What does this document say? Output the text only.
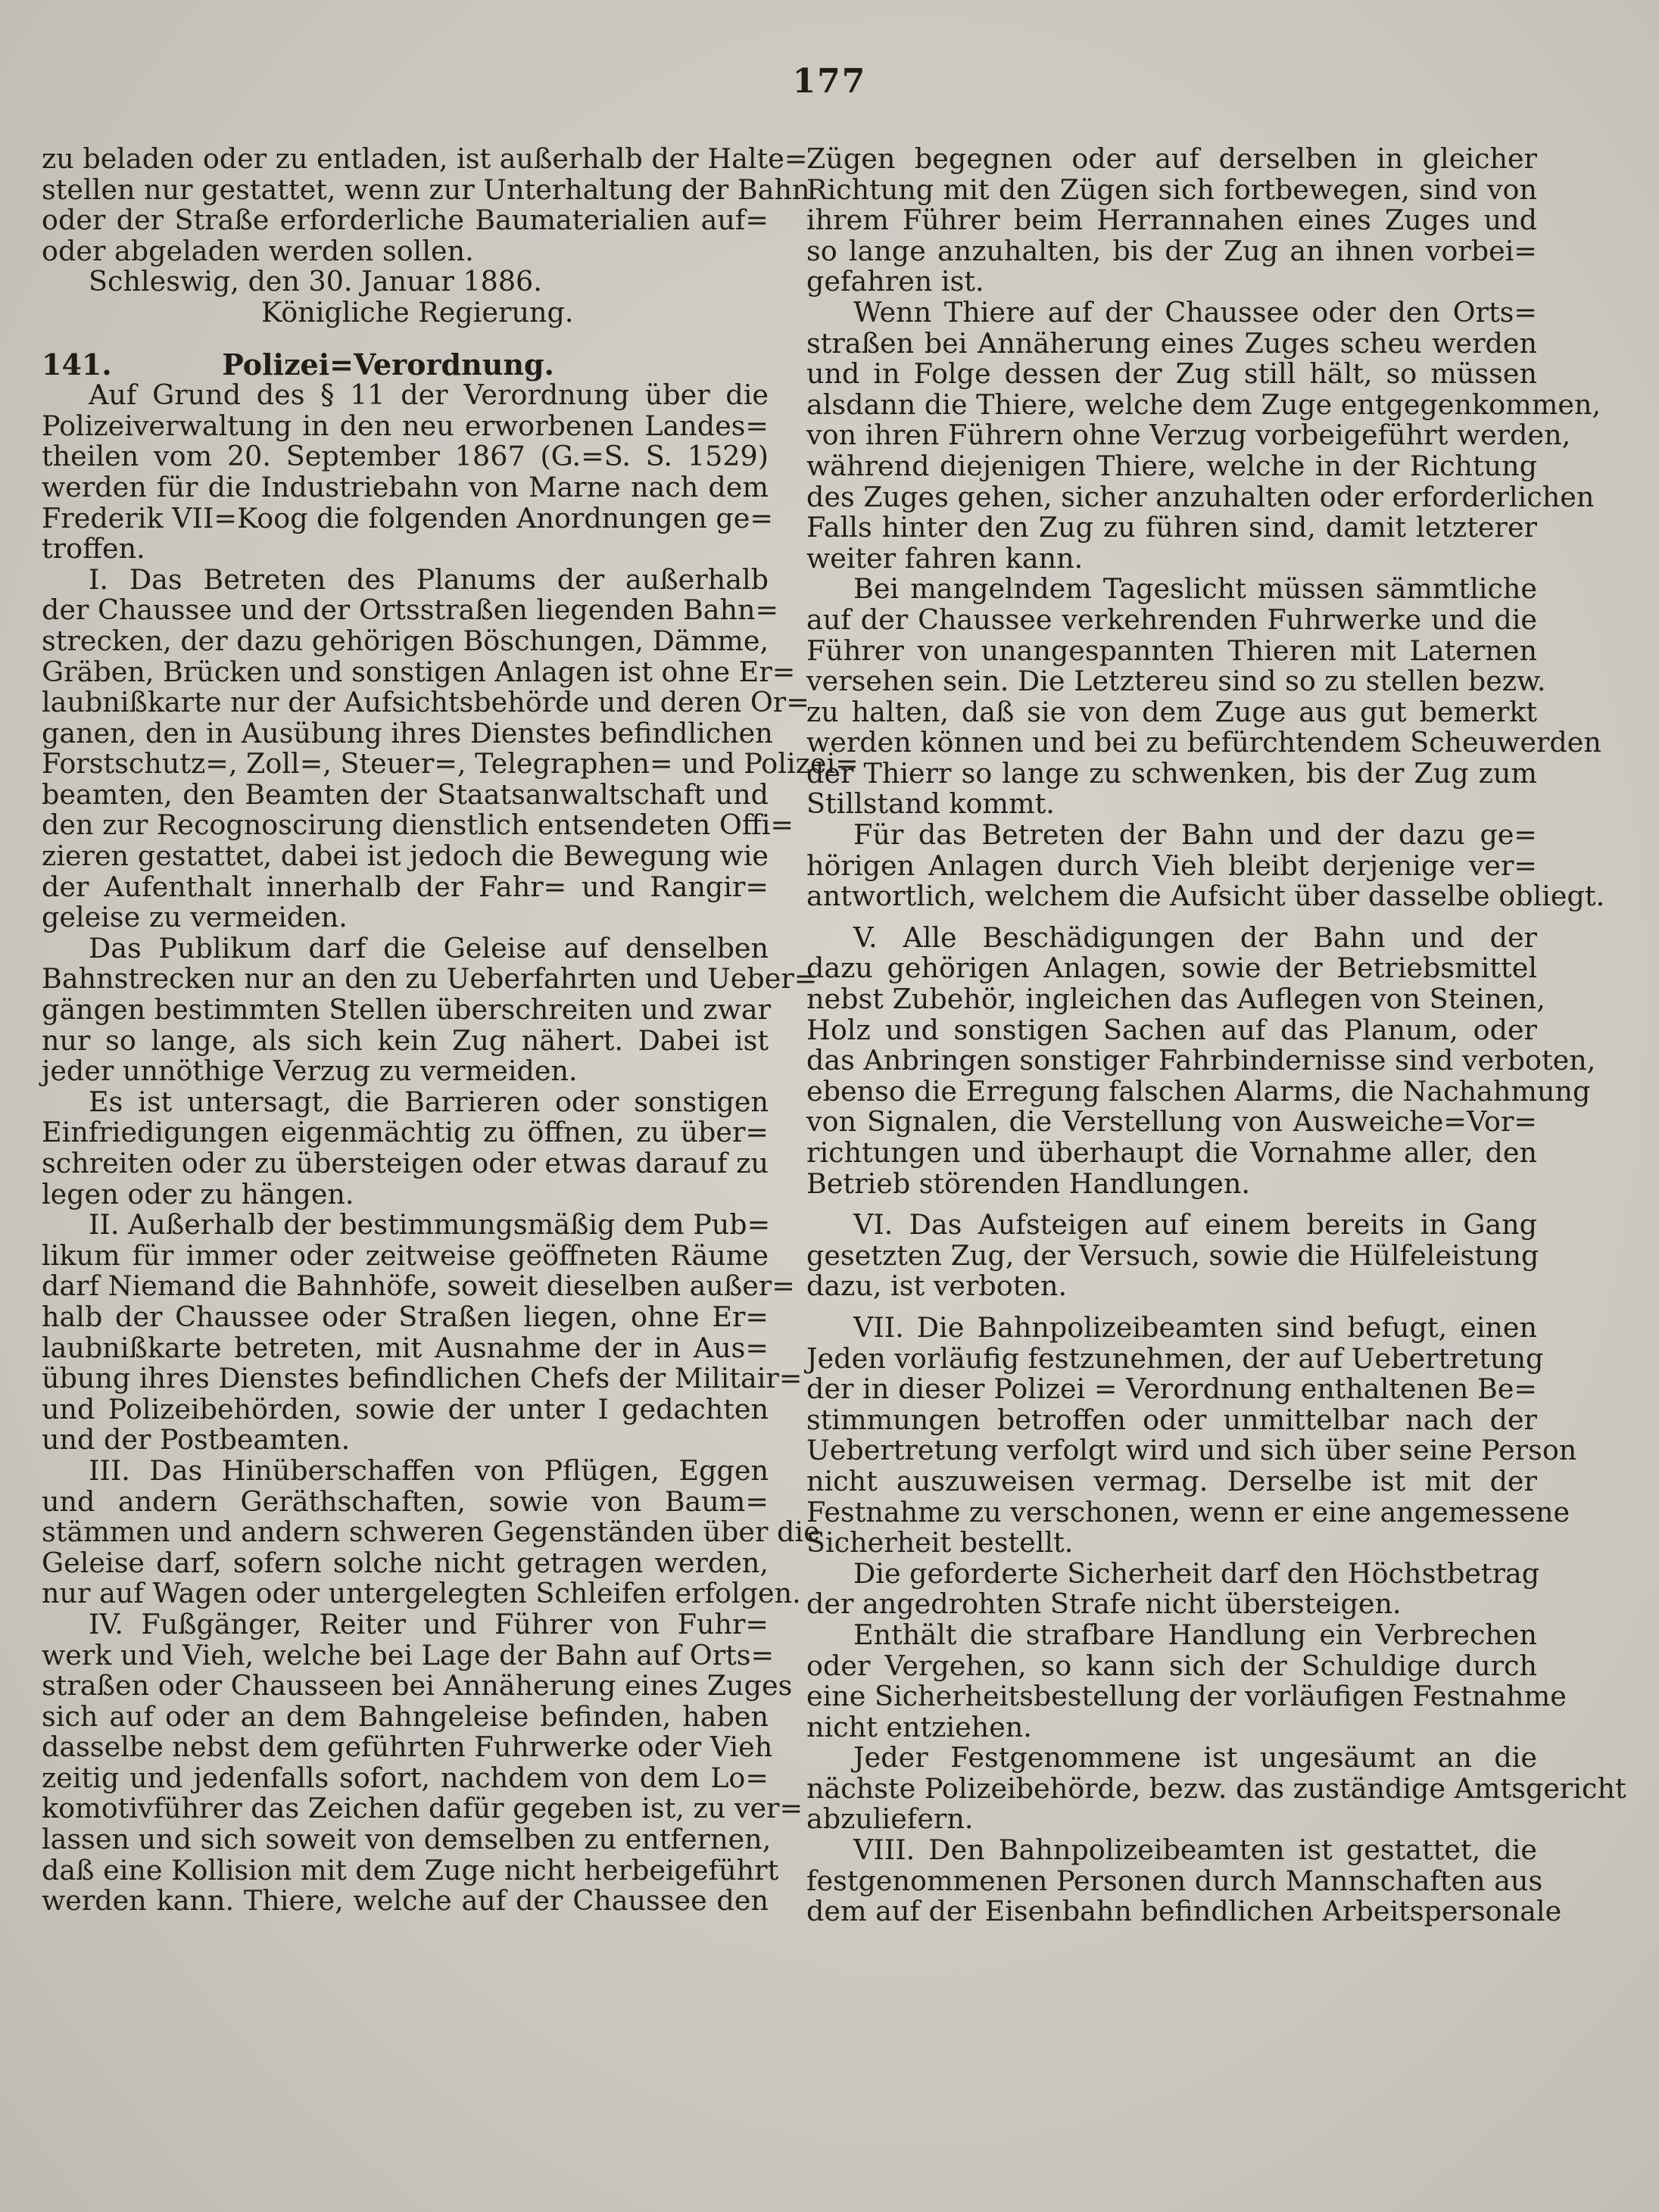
177
zu beladen oder zu entladen, ist außerhalb der Halte=
stellen nur gestattet, wenn zur Unterhaltung der Bahn
oder der Straße erforderliche Baumaterialien auf=
oder abgeladen werden sollen.
Schleswig, den 30. Januar 1886.
Königliche Regierung.
141.	Polizei=Verordnung.
Auf Grund des § 11 der Verordnung über die
Polizeiverwaltung in den neu erworbenen Landes=
theilen vom 20. September 1867 (G.=S. S. 1529)
werden für die Industriebahn von Marne nach dem
Frederik VII=Koog die folgenden Anordnungen ge=
troffen.
I. Das Betreten des Planums der außerhalb
der Chaussee und der Ortsstraßen liegenden Bahn=
strecken, der dazu gehörigen Böschungen, Dämme,
Gräben, Brücken und sonstigen Anlagen ist ohne Er=
laubnißkarte nur der Aufsichtsbehörde und deren Or=
ganen, den in Ausübung ihres Dienstes befindlichen
Forstschutz=, Zoll=, Steuer=, Telegraphen= und Polizei=
beamten, den Beamten der Staatsanwaltschaft und
den zur Recognoscirung dienstlich entsendeten Offi=
zieren gestattet, dabei ist jedoch die Bewegung wie
der Aufenthalt innerhalb der Fahr= und Rangir=
geleise zu vermeiden.
Das Publikum darf die Geleise auf denselben
Bahnstrecken nur an den zu Ueberfahrten und Ueber=
gängen bestimmten Stellen überschreiten und zwar
nur so lange, als sich kein Zug nähert. Dabei ist
jeder unnöthige Verzug zu vermeiden.
Es ist untersagt, die Barrieren oder sonstigen
Einfriedigungen eigenmächtig zu öffnen, zu über=
schreiten oder zu übersteigen oder etwas darauf zu
legen oder zu hängen.
II. Außerhalb der bestimmungsmäßig dem Pub=
likum für immer oder zeitweise geöffneten Räume
darf Niemand die Bahnhöfe, soweit dieselben außer=
halb der Chaussee oder Straßen liegen, ohne Er=
laubnißkarte betreten, mit Ausnahme der in Aus=
übung ihres Dienstes befindlichen Chefs der Militair=
und Polizeibehörden, sowie der unter I gedachten
und der Postbeamten.
III. Das Hinüberschaffen von Pflügen, Eggen
und andern Geräthschaften, sowie von Baum=
stämmen und andern schweren Gegenständen über die
Geleise darf, sofern solche nicht getragen werden,
nur auf Wagen oder untergelegten Schleifen erfolgen.
IV. Fußgänger, Reiter und Führer von Fuhr=
werk und Vieh, welche bei Lage der Bahn auf Orts=
straßen oder Chausseen bei Annäherung eines Zuges
sich auf oder an dem Bahngeleise befinden, haben
dasselbe nebst dem geführten Fuhrwerke oder Vieh
zeitig und jedenfalls sofort, nachdem von dem Lo=
komotivführer das Zeichen dafür gegeben ist, zu ver=
lassen und sich soweit von demselben zu entfernen,
daß eine Kollision mit dem Zuge nicht herbeigeführt
werden kann. Thiere, welche auf der Chaussee den
Zügen begegnen oder auf derselben in gleicher
Richtung mit den Zügen sich fortbewegen, sind von
ihrem Führer beim Herrannahen eines Zuges und
so lange anzuhalten, bis der Zug an ihnen vorbei=
gefahren ist.
Wenn Thiere auf der Chaussee oder den Orts=
straßen bei Annäherung eines Zuges scheu werden
und in Folge dessen der Zug still hält, so müssen
alsdann die Thiere, welche dem Zuge entgegenkommen,
von ihren Führern ohne Verzug vorbeigeführt werden,
während diejenigen Thiere, welche in der Richtung
des Zuges gehen, sicher anzuhalten oder erforderlichen
Falls hinter den Zug zu führen sind, damit letzterer
weiter fahren kann.
Bei mangelndem Tageslicht müssen sämmtliche
auf der Chaussee verkehrenden Fuhrwerke und die
Führer von unangespannten Thieren mit Laternen
versehen sein. Die Letztereu sind so zu stellen bezw.
zu halten, daß sie von dem Zuge aus gut bemerkt
werden können und bei zu befürchtendem Scheuwerden
der Thierr so lange zu schwenken, bis der Zug zum
Stillstand kommt.
Für das Betreten der Bahn und der dazu ge=
hörigen Anlagen durch Vieh bleibt derjenige ver=
antwortlich, welchem die Aufsicht über dasselbe obliegt.
V. Alle Beschädigungen der Bahn und der
dazu gehörigen Anlagen, sowie der Betriebsmittel
nebst Zubehör, ingleichen das Auflegen von Steinen,
Holz und sonstigen Sachen auf das Planum, oder
das Anbringen sonstiger Fahrbindernisse sind verboten,
ebenso die Erregung falschen Alarms, die Nachahmung
von Signalen, die Verstellung von Ausweiche=Vor=
richtungen und überhaupt die Vornahme aller, den
Betrieb störenden Handlungen.
VI. Das Aufsteigen auf einem bereits in Gang
gesetzten Zug, der Versuch, sowie die Hülfeleistung
dazu, ist verboten.
VII. Die Bahnpolizeibeamten sind befugt, einen
Jeden vorläufig festzunehmen, der auf Uebertretung
der in dieser Polizei = Verordnung enthaltenen Be=
stimmungen betroffen oder unmittelbar nach der
Uebertretung verfolgt wird und sich über seine Person
nicht auszuweisen vermag. Derselbe ist mit der
Festnahme zu verschonen, wenn er eine angemessene
Sicherheit bestellt.
Die geforderte Sicherheit darf den Höchstbetrag
der angedrohten Strafe nicht übersteigen.
Enthält die strafbare Handlung ein Verbrechen
oder Vergehen, so kann sich der Schuldige durch
eine Sicherheitsbestellung der vorläufigen Festnahme
nicht entziehen.
Jeder Festgenommene ist ungesäumt an die
nächste Polizeibehörde, bezw. das zuständige Amtsgericht
abzuliefern.
VIII. Den Bahnpolizeibeamten ist gestattet, die
festgenommenen Personen durch Mannschaften aus
dem auf der Eisenbahn befindlichen Arbeitspersonale
